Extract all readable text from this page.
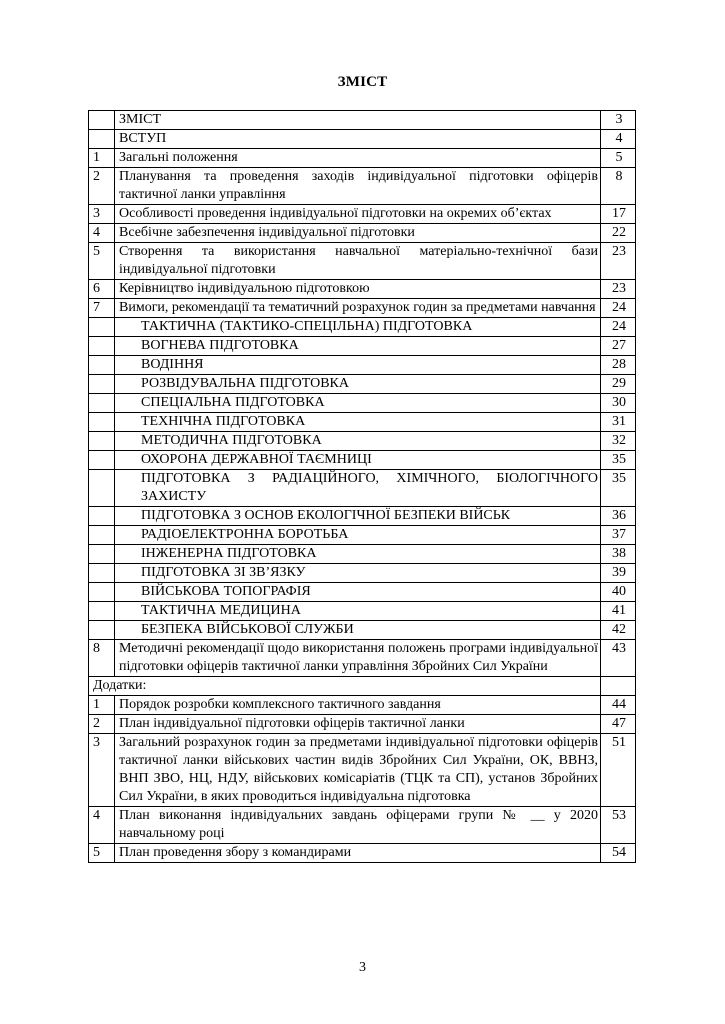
ЗМІСТ
	ЗМІСТ	3
	ВСТУП	4
1	Загальні положення	5
2	Планування та проведення заходів індивідуальної підготовки офіцерів тактичної ланки управління	8
3	Особливості проведення індивідуальної підготовки на окремих об’єктах	17
4	Всебічне забезпечення індивідуальної підготовки	22
5	Створення та використання навчальної матеріально-технічної бази індивідуальної підготовки	23
6	Керівництво індивідуальною підготовкою	23
7	Вимоги, рекомендації та тематичний розрахунок годин за предметами навчання	24
	ТАКТИЧНА (ТАКТИКО-СПЕЦІЛЬНА) ПІДГОТОВКА	24
	ВОГНЕВА ПІДГОТОВКА	27
	ВОДІННЯ	28
	РОЗВІДУВАЛЬНА ПІДГОТОВКА	29
	СПЕЦІАЛЬНА ПІДГОТОВКА	30
	ТЕХНІЧНА ПІДГОТОВКА	31
	МЕТОДИЧНА ПІДГОТОВКА	32
	ОХОРОНА ДЕРЖАВНОЇ ТАЄМНИЦІ	35
	ПІДГОТОВКА З РАДІАЦІЙНОГО, ХІМІЧНОГО, БІОЛОГІЧНОГО ЗАХИСТУ	35
	ПІДГОТОВКА З ОСНОВ ЕКОЛОГІЧНОЇ БЕЗПЕКИ ВІЙСЬК	36
	РАДІОЕЛЕКТРОННА БОРОТЬБА	37
	ІНЖЕНЕРНА ПІДГОТОВКА	38
	ПІДГОТОВКА ЗІ ЗВ’ЯЗКУ	39
	ВІЙСЬКОВА ТОПОГРАФІЯ	40
	ТАКТИЧНА МЕДИЦИНА	41
	БЕЗПЕКА ВІЙСЬКОВОЇ СЛУЖБИ	42
8	Методичні рекомендації щодо використання положень програми індивідуальної підготовки офіцерів тактичної ланки управління Збройних Сил України	43
Додатки:		
1	Порядок розробки комплексного тактичного завдання	44
2	План індивідуальної підготовки офіцерів тактичної ланки	47
3	Загальний розрахунок годин за предметами індивідуальної підготовки офіцерів тактичної ланки військових частин видів Збройних Сил України, ОК, ВВНЗ, ВНП ЗВО, НЦ, НДУ, військових комісаріатів (ТЦК та СП), установ Збройних Сил України, в яких проводиться індивідуальна підготовка	51
4	План виконання індивідуальних завдань офіцерами групи № __ у 2020 навчальному році	53
5	План проведення збору з командирами	54
3
